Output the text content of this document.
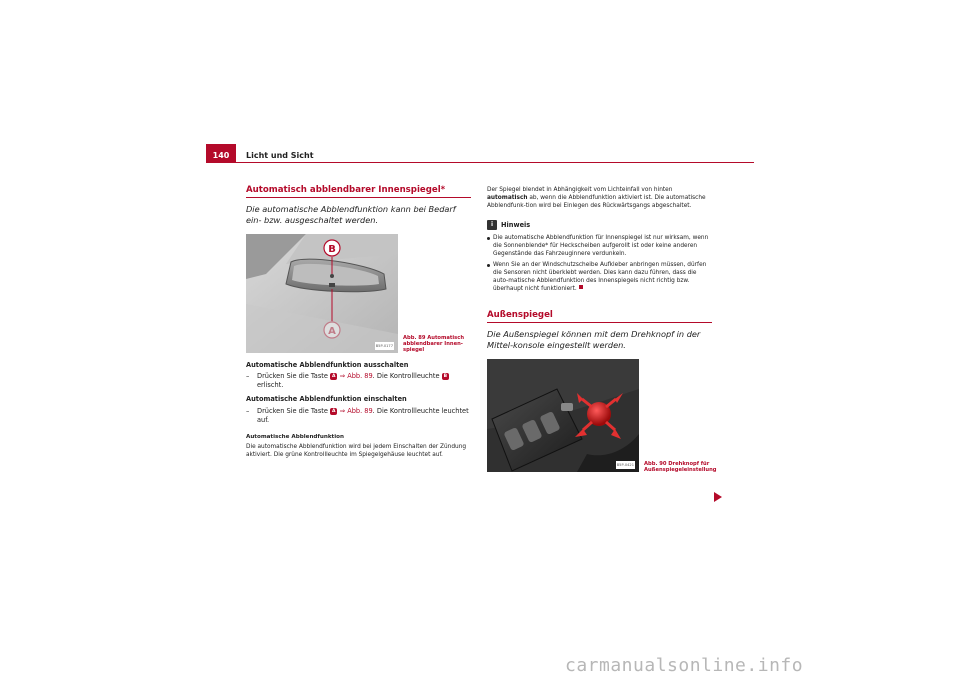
140	Licht und Sicht
Automatisch abblendbarer Innenspiegel*
Die automatische Abblendfunktion kann bei Bedarf ein- bzw. ausgeschaltet werden.
B
B5P-0177
Abb. 89 Automatisch abblendbarer Innen-spiegel
Automatische Abblendfunktion ausschalten
– Drücken Sie die Taste A ⇒ Abb. 89. Die Kontrollleuchte B erlischt.
Automatische Abblendfunktion einschalten
– Drücken Sie die Taste A ⇒ Abb. 89. Die Kontrollleuchte leuchtet auf.
Automatische Abblendfunktion
Die automatische Abblendfunktion wird bei jedem Einschalten der Zündung aktiviert. Die grüne Kontrollleuchte im Spiegelgehäuse leuchtet auf.
Der Spiegel blendet in Abhängigkeit vom Lichteinfall von hinten automatisch ab, wenn die Abblendfunktion aktiviert ist. Die automatische Abblendfunk-tion wird bei Einlegen des Rückwärtsgangs abgeschaltet.
i	Hinweis
Die automatische Abblendfunktion für Innenspiegel ist nur wirksam, wenn die Sonnenblende* für Heckscheiben aufgerollt ist oder keine anderen Gegenstände das Fahrzeuginnere verdunkeln.
Wenn Sie an der Windschutzscheibe Aufkleber anbringen müssen, dürfen die Sensoren nicht überklebt werden. Dies kann dazu führen, dass die auto-matische Abblendfunktion des Innenspiegels nicht richtig bzw. überhaupt nicht funktioniert.
Außenspiegel
Die Außenspiegel können mit dem Drehknopf in der Mittel-konsole eingestellt werden.
B5P-0421 Abb. 90 Drehknopf für Außenspiegeleinstellung
carmanualsonline.info
